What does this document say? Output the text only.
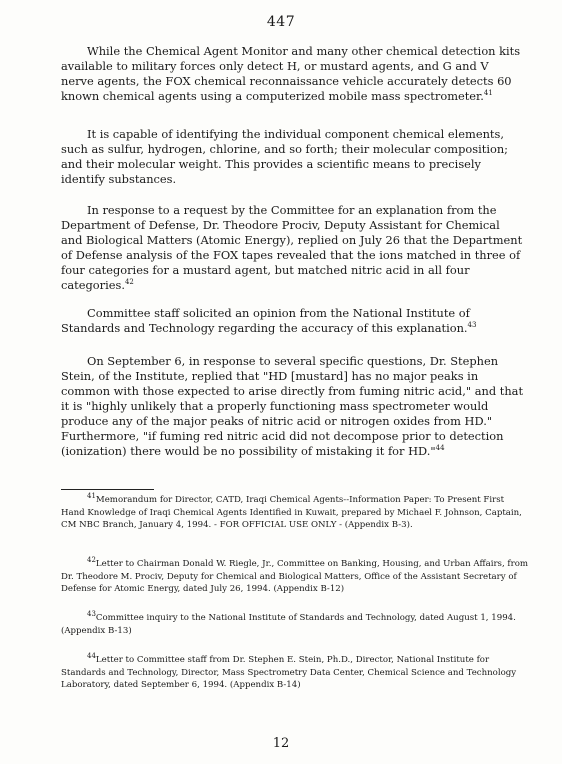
447

While the Chemical Agent Monitor and many other chemical detection kits available to military forces only detect H, or mustard agents, and G and V nerve agents, the FOX chemical reconnaissance vehicle accurately detects 60 known chemical agents using a computerized mobile mass spectrometer.$^{41}$

It is capable of identifying the individual component chemical elements, such as sulfur, hydrogen, chlorine, and so forth; their molecular composition; and their molecular weight. This provides a scientific means to precisely identify substances.

In response to a request by the Committee for an explanation from the Department of Defense, Dr. Theodore Prociv, Deputy Assistant for Chemical and Biological Matters (Atomic Energy), replied on July 26 that the Department of Defense analysis of the FOX tapes revealed that the ions matched in three of four categories for a mustard agent, but matched nitric acid in all four categories.$^{42}$

Committee staff solicited an opinion from the National Institute of Standards and Technology regarding the accuracy of this explanation.$^{43}$

On September 6, in response to several specific questions, Dr. Stephen Stein, of the Institute, replied that "HD [mustard] has no major peaks in common with those expected to arise directly from fuming nitric acid," and that it is "highly unlikely that a properly functioning mass spectrometer would produce any of the major peaks of nitric acid or nitrogen oxides from HD." Furthermore, "if fuming red nitric acid did not decompose prior to detection (ionization) there would be no possibility of mistaking it for HD."$^{44}$

$^{41}$Memorandum for Director, CATD, Iraqi Chemical Agents--Information Paper: To Present First Hand Knowledge of Iraqi Chemical Agents Identified in Kuwait, prepared by Michael F. Johnson, Captain, CM NBC Branch, January 4, 1994. - FOR OFFICIAL USE ONLY - (Appendix B-3).

$^{42}$Letter to Chairman Donald W. Riegle, Jr., Committee on Banking, Housing, and Urban Affairs, from Dr. Theodore M. Prociv, Deputy for Chemical and Biological Matters, Office of the Assistant Secretary of Defense for Atomic Energy, dated July 26, 1994. (Appendix B-12)

$^{43}$Committee inquiry to the National Institute of Standards and Technology, dated August 1, 1994. (Appendix B-13)

$^{44}$Letter to Committee staff from Dr. Stephen E. Stein, Ph.D., Director, National Institute for Standards and Technology, Director, Mass Spectrometry Data Center, Chemical Science and Technology Laboratory, dated September 6, 1994. (Appendix B-14)

12
